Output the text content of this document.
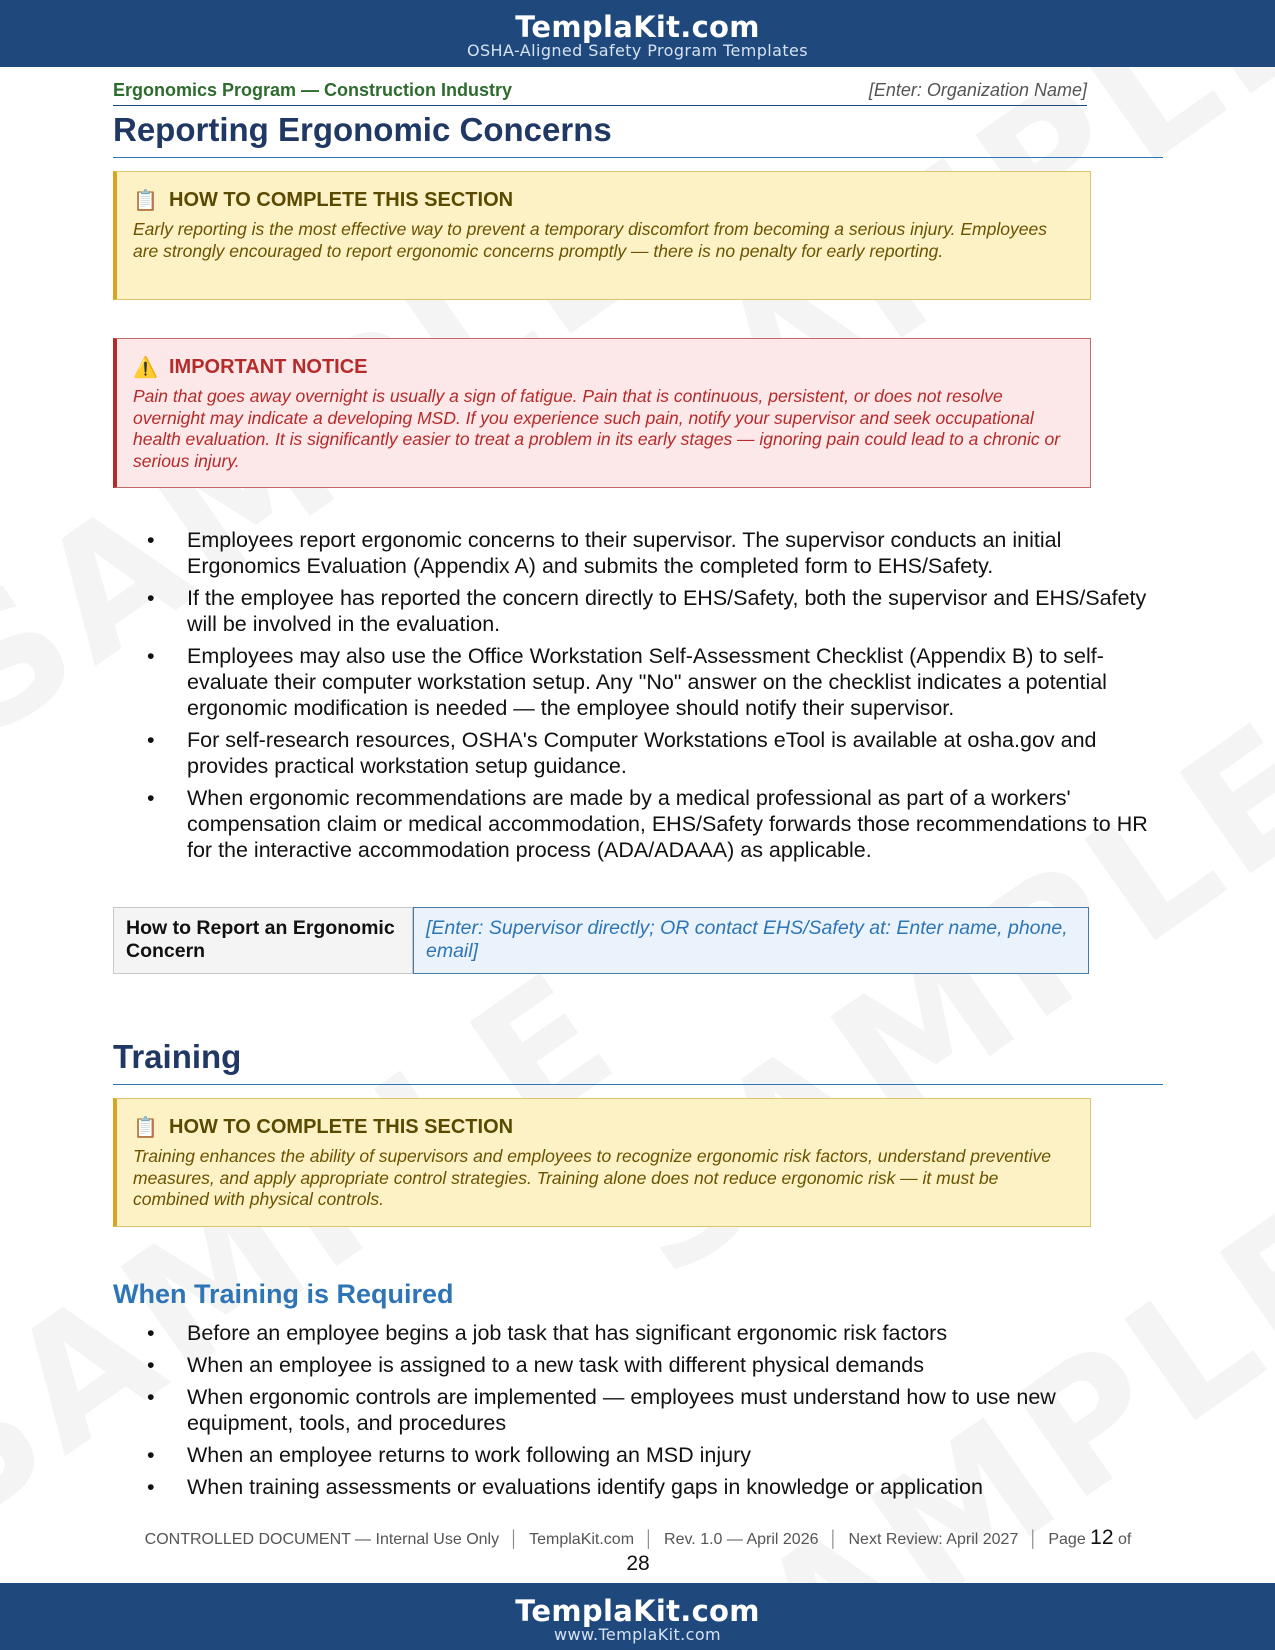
TemplaKit.com
OSHA-Aligned Safety Program Templates
Ergonomics Program — Construction Industry	[Enter: Organization Name]
Reporting Ergonomic Concerns
📋 HOW TO COMPLETE THIS SECTION
Early reporting is the most effective way to prevent a temporary discomfort from becoming a serious injury. Employees are strongly encouraged to report ergonomic concerns promptly — there is no penalty for early reporting.
⚠️ IMPORTANT NOTICE
Pain that goes away overnight is usually a sign of fatigue. Pain that is continuous, persistent, or does not resolve overnight may indicate a developing MSD. If you experience such pain, notify your supervisor and seek occupational health evaluation. It is significantly easier to treat a problem in its early stages — ignoring pain could lead to a chronic or serious injury.
• Employees report ergonomic concerns to their supervisor. The supervisor conducts an initial Ergonomics Evaluation (Appendix A) and submits the completed form to EHS/Safety.
• If the employee has reported the concern directly to EHS/Safety, both the supervisor and EHS/Safety will be involved in the evaluation.
• Employees may also use the Office Workstation Self-Assessment Checklist (Appendix B) to self-evaluate their computer workstation setup. Any "No" answer on the checklist indicates a potential ergonomic modification is needed — the employee should notify their supervisor.
• For self-research resources, OSHA's Computer Workstations eTool is available at osha.gov and provides practical workstation setup guidance.
• When ergonomic recommendations are made by a medical professional as part of a workers' compensation claim or medical accommodation, EHS/Safety forwards those recommendations to HR for the interactive accommodation process (ADA/ADAAA) as applicable.
How to Report an Ergonomic Concern
[Enter: Supervisor directly; OR contact EHS/Safety at: Enter name, phone, email]
Training
📋 HOW TO COMPLETE THIS SECTION
Training enhances the ability of supervisors and employees to recognize ergonomic risk factors, understand preventive measures, and apply appropriate control strategies. Training alone does not reduce ergonomic risk — it must be combined with physical controls.
When Training is Required
• Before an employee begins a job task that has significant ergonomic risk factors
• When an employee is assigned to a new task with different physical demands
• When ergonomic controls are implemented — employees must understand how to use new equipment, tools, and procedures
• When an employee returns to work following an MSD injury
• When training assessments or evaluations identify gaps in knowledge or application
CONTROLLED DOCUMENT — Internal Use Only │ TemplaKit.com │ Rev. 1.0 — April 2026 │ Next Review: April 2027 │ Page 12 of
28
TemplaKit.com
www.TemplaKit.com
